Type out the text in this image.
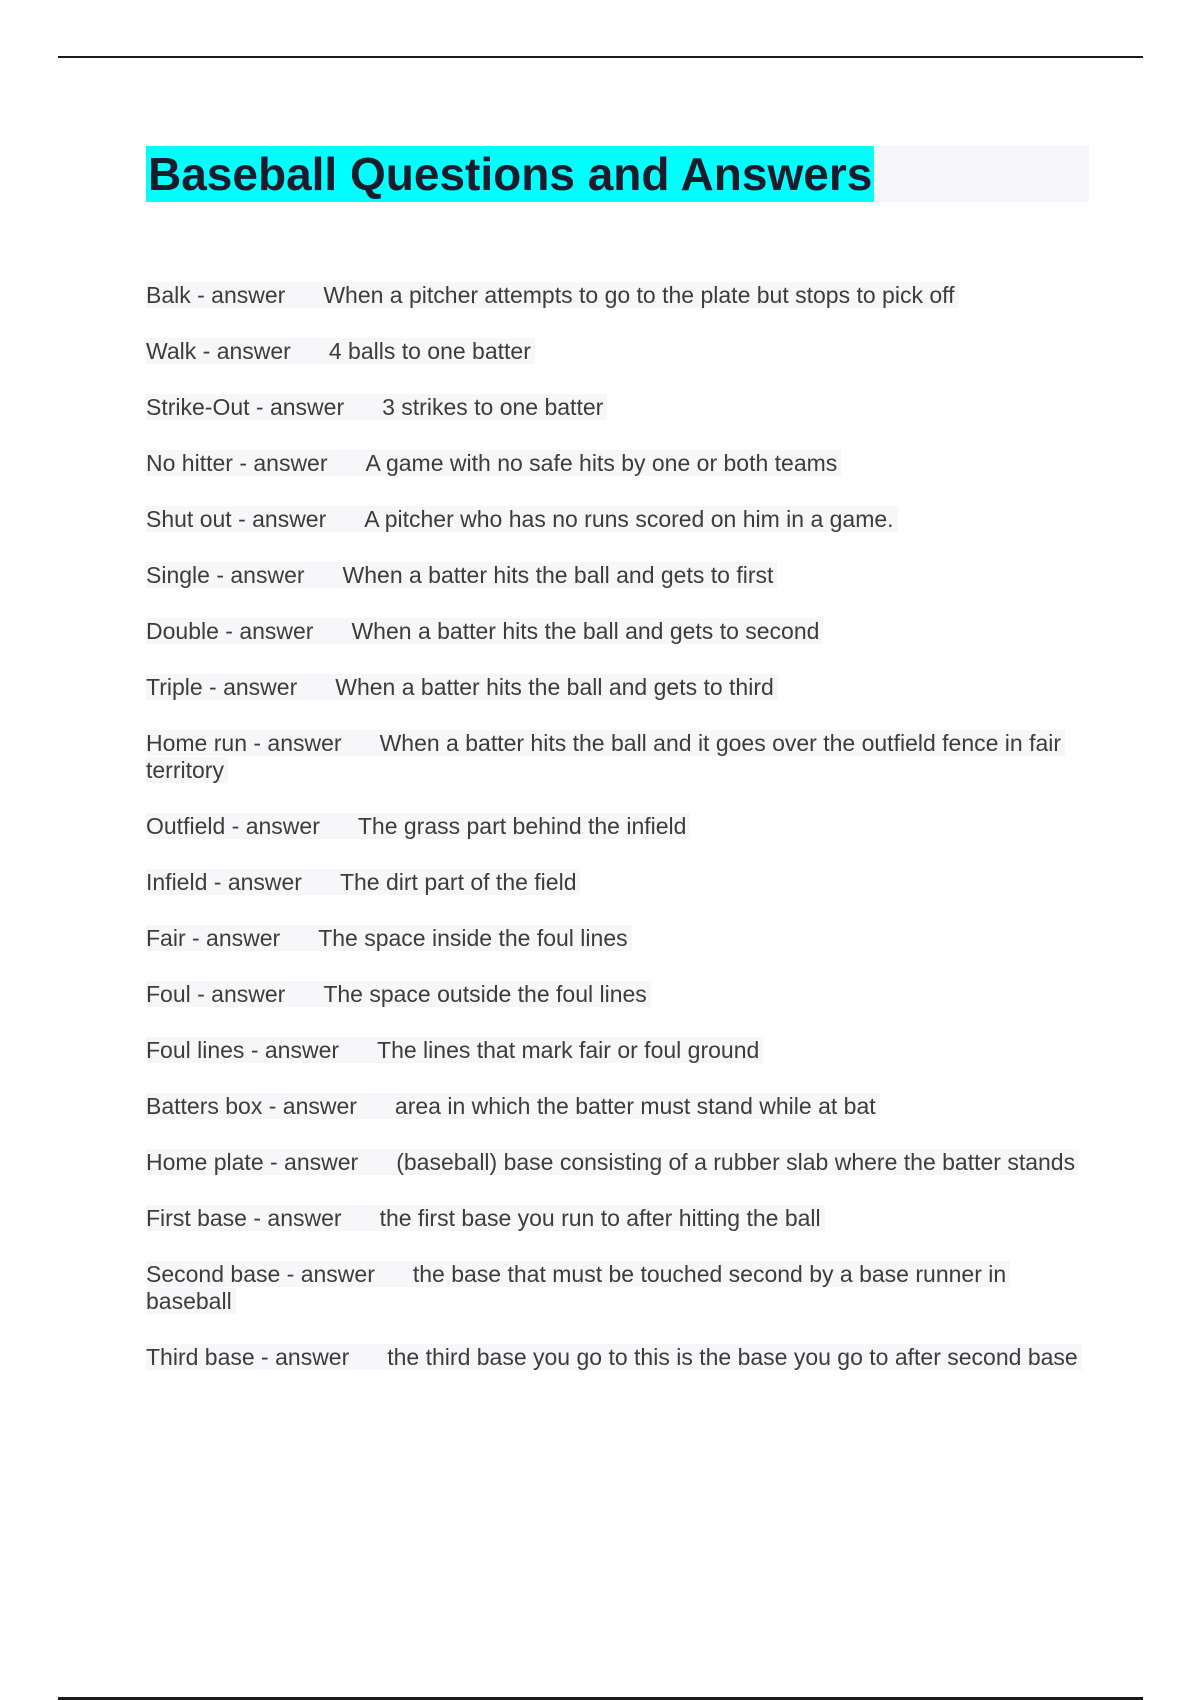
Baseball Questions and Answers
Balk - answer When a pitcher attempts to go to the plate but stops to pick off
Walk - answer 4 balls to one batter
Strike-Out - answer 3 strikes to one batter
No hitter - answer A game with no safe hits by one or both teams
Shut out - answer A pitcher who has no runs scored on him in a game.
Single - answer When a batter hits the ball and gets to first
Double - answer When a batter hits the ball and gets to second
Triple - answer When a batter hits the ball and gets to third
Home run - answer When a batter hits the ball and it goes over the outfield fence in fair territory
Outfield - answer The grass part behind the infield
Infield - answer The dirt part of the field
Fair - answer The space inside the foul lines
Foul - answer The space outside the foul lines
Foul lines - answer The lines that mark fair or foul ground
Batters box - answer area in which the batter must stand while at bat
Home plate - answer (baseball) base consisting of a rubber slab where the batter stands
First base - answer the first base you run to after hitting the ball
Second base - answer the base that must be touched second by a base runner in baseball
Third base - answer the third base you go to this is the base you go to after second base
